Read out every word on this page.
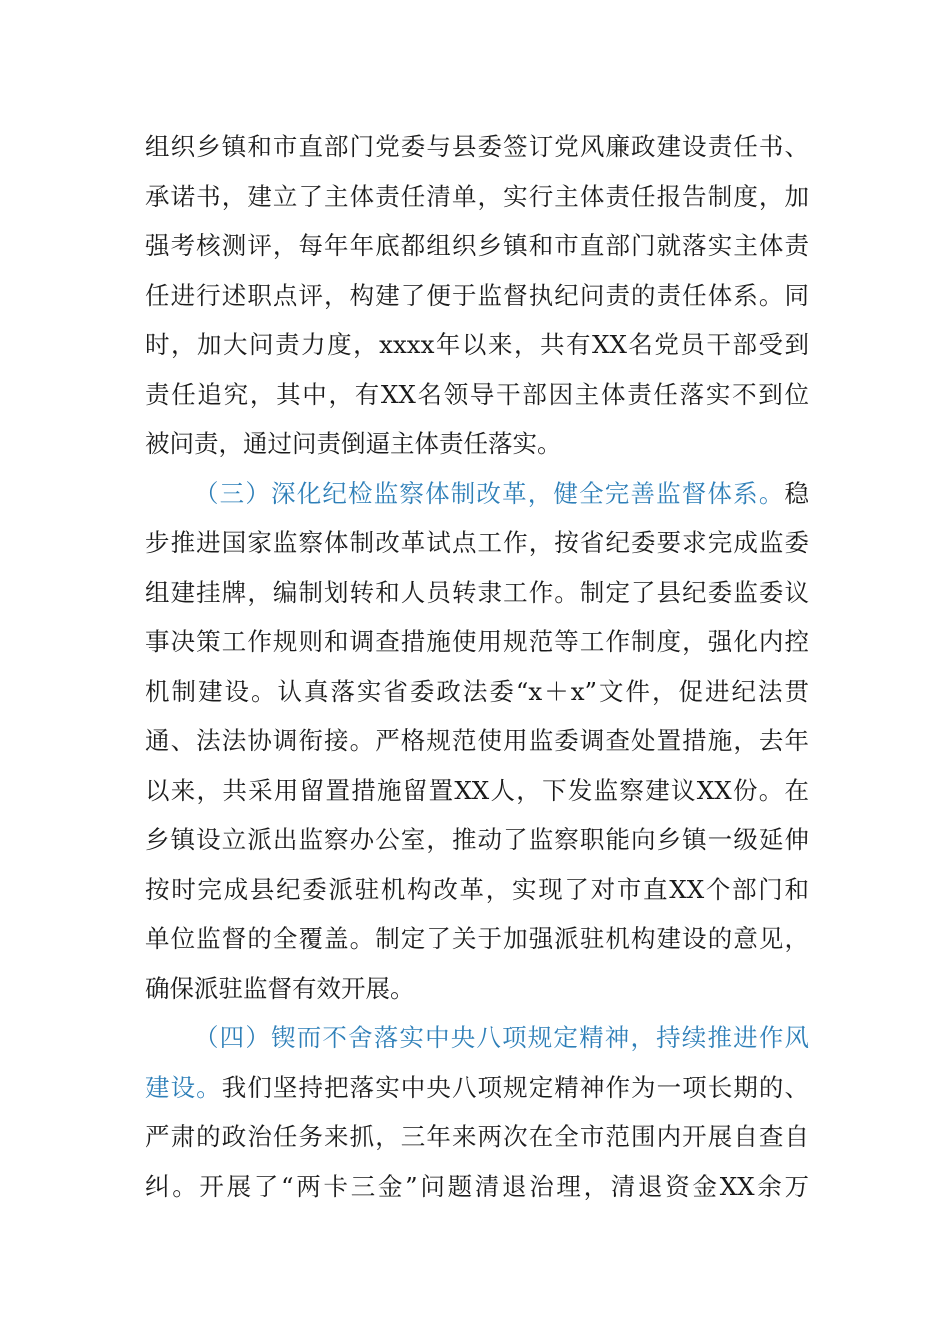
组织乡镇和市直部门党委与县委签订党风廉政建设责任书、
承诺书，建立了主体责任清单，实行主体责任报告制度，加
强考核测评，每年年底都组织乡镇和市直部门就落实主体责
任进行述职点评，构建了便于监督执纪问责的责任体系。同
时，加大问责力度，xxxx年以来，共有XX名党员干部受到
责任追究，其中，有XX名领导干部因主体责任落实不到位
被问责，通过问责倒逼主体责任落实。
（三）深化纪检监察体制改革，健全完善监督体系。稳
步推进国家监察体制改革试点工作，按省纪委要求完成监委
组建挂牌，编制划转和人员转隶工作。制定了县纪委监委议
事决策工作规则和调查措施使用规范等工作制度，强化内控
机制建设。认真落实省委政法委“x＋x”文件，促进纪法贯
通、法法协调衔接。严格规范使用监委调查处置措施，去年
以来，共采用留置措施留置XX人，下发监察建议XX份。在
乡镇设立派出监察办公室，推动了监察职能向乡镇一级延伸
按时完成县纪委派驻机构改革，实现了对市直XX个部门和
单位监督的全覆盖。制定了关于加强派驻机构建设的意见，
确保派驻监督有效开展。
（四）锲而不舍落实中央八项规定精神，持续推进作风
建设。我们坚持把落实中央八项规定精神作为一项长期的、
严肃的政治任务来抓，三年来两次在全市范围内开展自查自
纠。开展了“两卡三金”问题清退治理，清退资金XX余万
